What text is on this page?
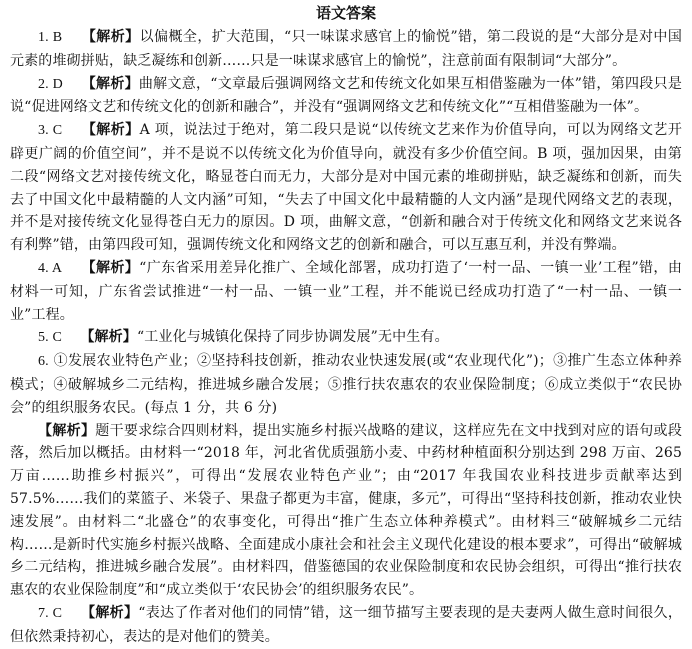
语文答案

1. B 【解析】以偏概全，扩大范围，“只一味谋求感官上的愉悦”错，第二段说的是“大部分是对中国元素的堆砌拼贴，缺乏凝练和创新……只是一味谋求感官上的愉悦”，注意前面有限制词“大部分”。

2. D 【解析】曲解文意，“文章最后强调网络文艺和传统文化如果互相借鉴融为一体”错，第四段只是说“促进网络文艺和传统文化的创新和融合”，并没有“强调网络文艺和传统文化”“互相借鉴融为一体”。

3. C 【解析】A 项，说法过于绝对，第二段只是说“以传统文艺来作为价值导向，可以为网络文艺开辟更广阔的价值空间”，并不是说不以传统文化为价值导向，就没有多少价值空间。B 项，强加因果，由第二段“网络文艺对接传统文化，略显苍白而无力，大部分是对中国元素的堆砌拼贴，缺乏凝练和创新，而失去了中国文化中最精髓的人文内涵”可知，“失去了中国文化中最精髓的人文内涵”是现代网络文艺的表现，并不是对接传统文化显得苍白无力的原因。D 项，曲解文意，“创新和融合对于传统文化和网络文艺来说各有利弊”错，由第四段可知，强调传统文化和网络文艺的创新和融合，可以互惠互利，并没有弊端。

4. A 【解析】“广东省采用差异化推广、全域化部署，成功打造了‘一村一品、一镇一业’工程”错，由材料一可知，广东省尝试推进“一村一品、一镇一业”工程，并不能说已经成功打造了“一村一品、一镇一业”工程。

5. C 【解析】“工业化与城镇化保持了同步协调发展”无中生有。

6. ①发展农业特色产业；②坚持科技创新，推动农业快速发展(或“农业现代化”)；③推广生态立体种养模式；④破解城乡二元结构，推进城乡融合发展；⑤推行扶农惠农的农业保险制度；⑥成立类似于“农民协会”的组织服务农民。(每点 1 分，共 6 分)

【解析】题干要求综合四则材料，提出实施乡村振兴战略的建议，这样应先在文中找到对应的语句或段落，然后加以概括。由材料一“2018 年，河北省优质强筋小麦、中药材种植面积分别达到 298 万亩、265 万亩……助推乡村振兴”，可得出“发展农业特色产业”；由“2017 年我国农业科技进步贡献率达到 57.5%……我们的菜篮子、米袋子、果盘子都更为丰富，健康，多元”，可得出“坚持科技创新，推动农业快速发展”。由材料二“北盛仓”的农事变化，可得出“推广生态立体种养模式”。由材料三“破解城乡二元结构……是新时代实施乡村振兴战略、全面建成小康社会和社会主义现代化建设的根本要求”，可得出“破解城乡二元结构，推进城乡融合发展”。由材料四，借鉴德国的农业保险制度和农民协会组织，可得出“推行扶农惠农的农业保险制度”和“成立类似于‘农民协会’的组织服务农民”。

7. C 【解析】“表达了作者对他们的同情”错，这一细节描写主要表现的是夫妻两人做生意时间很久，但依然秉持初心，表达的是对他们的赞美。
